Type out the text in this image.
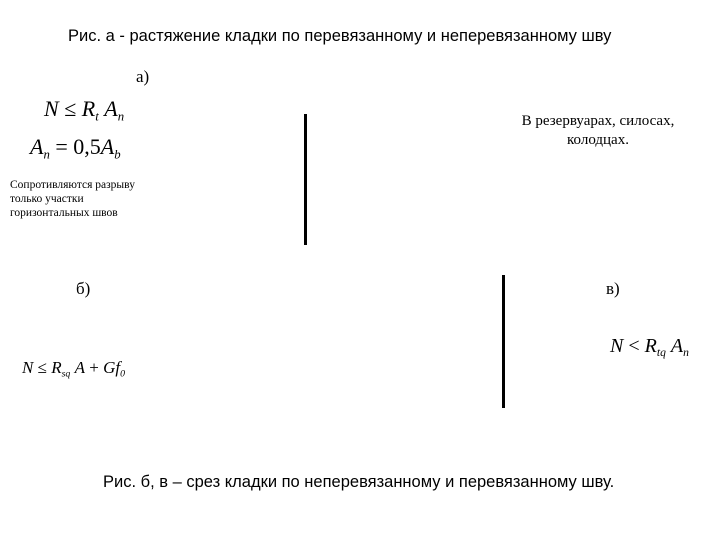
Рис. а - растяжение кладки по перевязанному и неперевязанному шву
а)
$N \le R_t$ $A_n$
$A_n = 0,5A_b$
Сопротивляются разрыву только участки горизонтальных швов
В резервуарах, силосах, колодцах.
б)	в)
$N \le R_{sq}$ $A + Gf_0$
$N < R_{tq}$ $A_n$
Рис. б, в – срез кладки по неперевязанному и перевязанному шву.
